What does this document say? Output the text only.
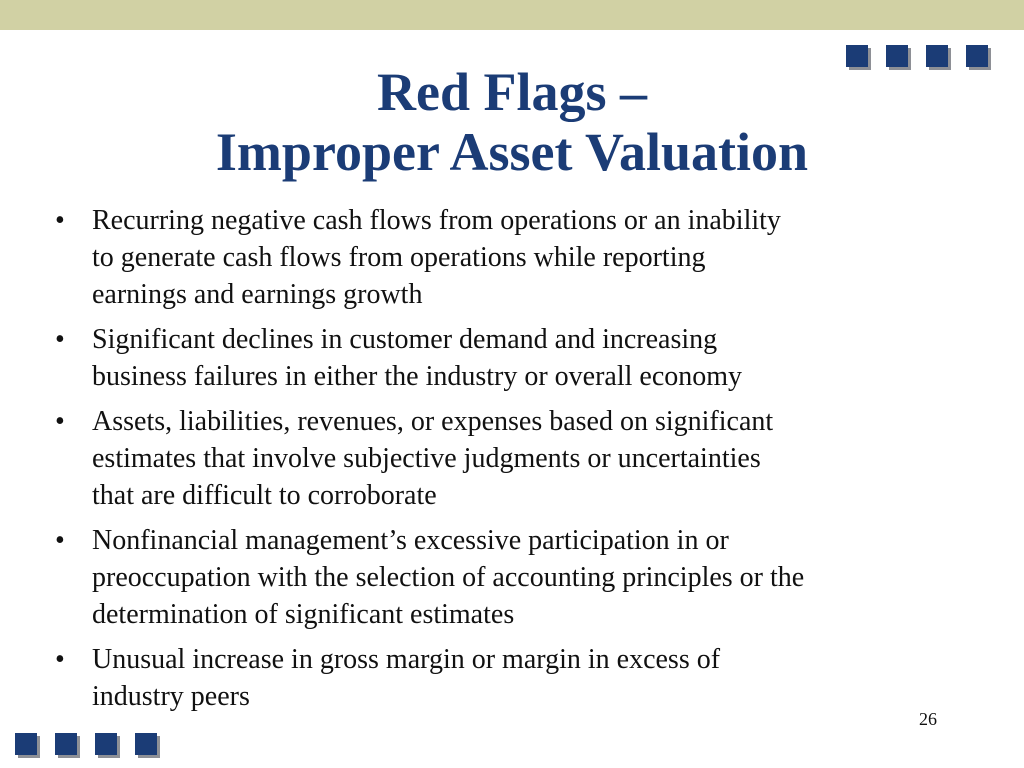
Red Flags –
Improper Asset Valuation
• Recurring negative cash flows from operations or an inability
to generate cash flows from operations while reporting
earnings and earnings growth
• Significant declines in customer demand and increasing
business failures in either the industry or overall economy
• Assets, liabilities, revenues, or expenses based on significant
estimates that involve subjective judgments or uncertainties
that are difficult to corroborate
• Nonfinancial management’s excessive participation in or
preoccupation with the selection of accounting principles or the
determination of significant estimates
• Unusual increase in gross margin or margin in excess of
industry peers
26
